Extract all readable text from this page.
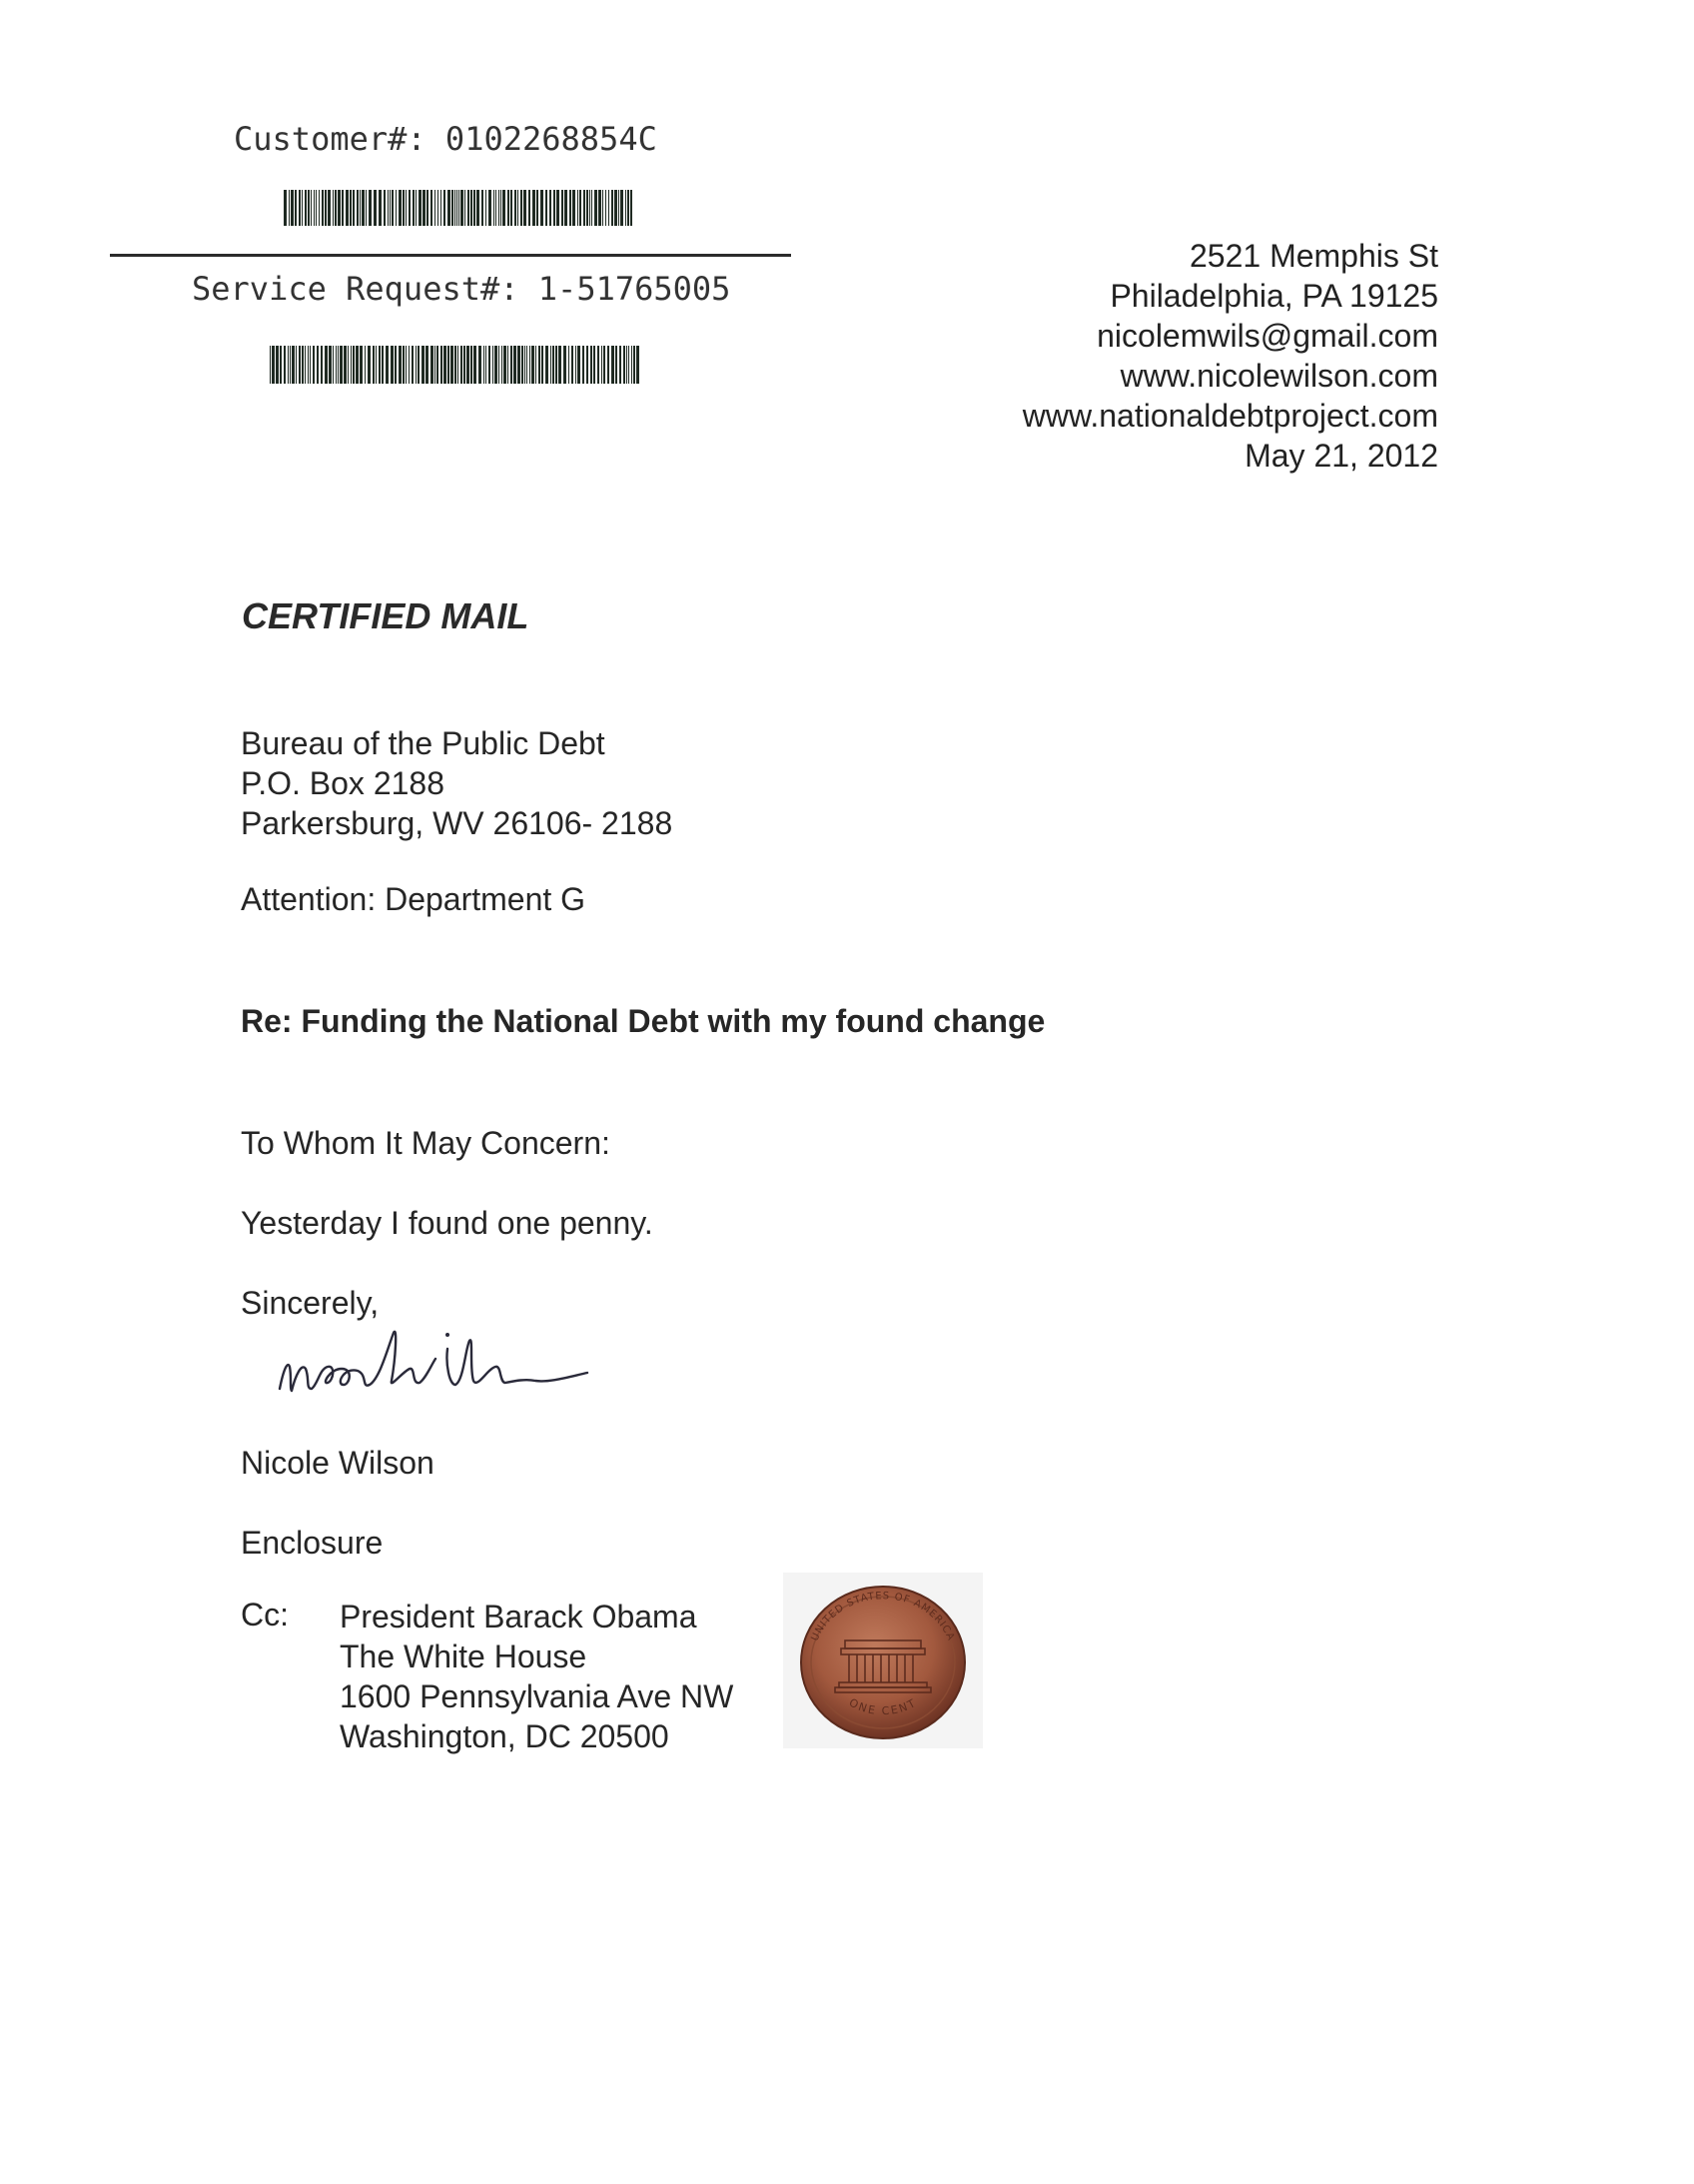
Customer#: 0102268854C
Service Request#: 1-51765005
2521 Memphis St
Philadelphia, PA 19125
nicolemwils@gmail.com
www.nicolewilson.com
www.nationaldebtproject.com
May 21, 2012
CERTIFIED MAIL
Bureau of the Public Debt
P.O. Box 2188
Parkersburg, WV 26106- 2188
Attention: Department G
Re: Funding the National Debt with my found change
To Whom It May Concern:
Yesterday I found one penny.
Sincerely,
Nicole Wilson
Enclosure
Cc: President Barack Obama
The White House
1600 Pennsylvania Ave NW
Washington, DC 20500
UNITED STATES OF AMERICA
ONE CENT
